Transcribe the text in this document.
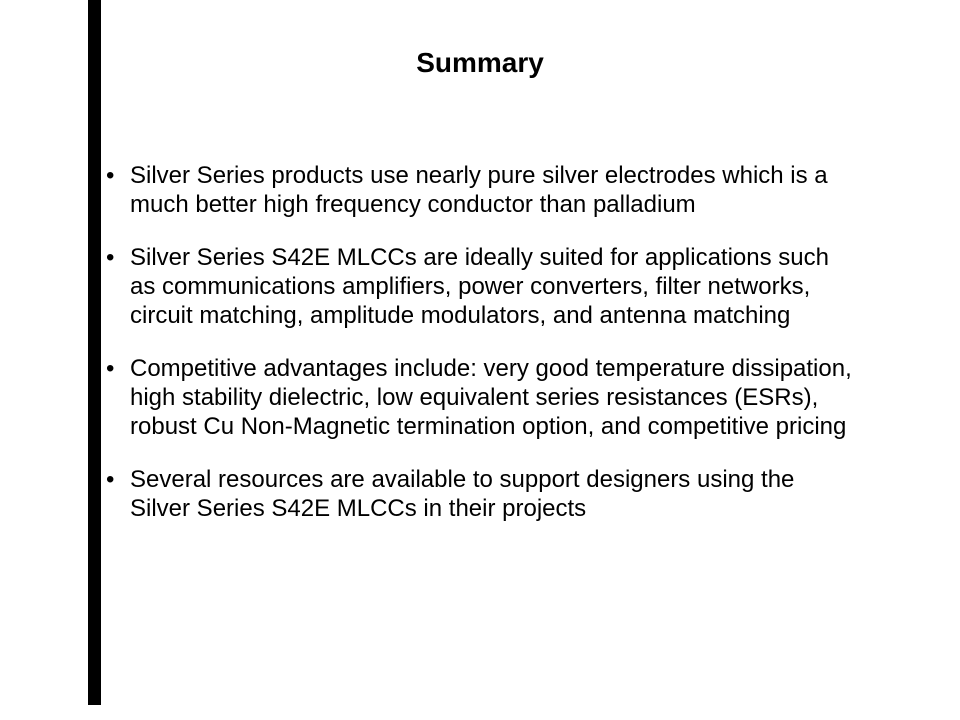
Summary
• Silver Series products use nearly pure silver electrodes which is a much better high frequency conductor than palladium
• Silver Series S42E MLCCs are ideally suited for applications such as communications amplifiers, power converters, filter networks, circuit matching, amplitude modulators, and antenna matching
• Competitive advantages include: very good temperature dissipation, high stability dielectric, low equivalent series resistances (ESRs), robust Cu Non-Magnetic termination option, and competitive pricing
• Several resources are available to support designers using the Silver Series S42E MLCCs in their projects
